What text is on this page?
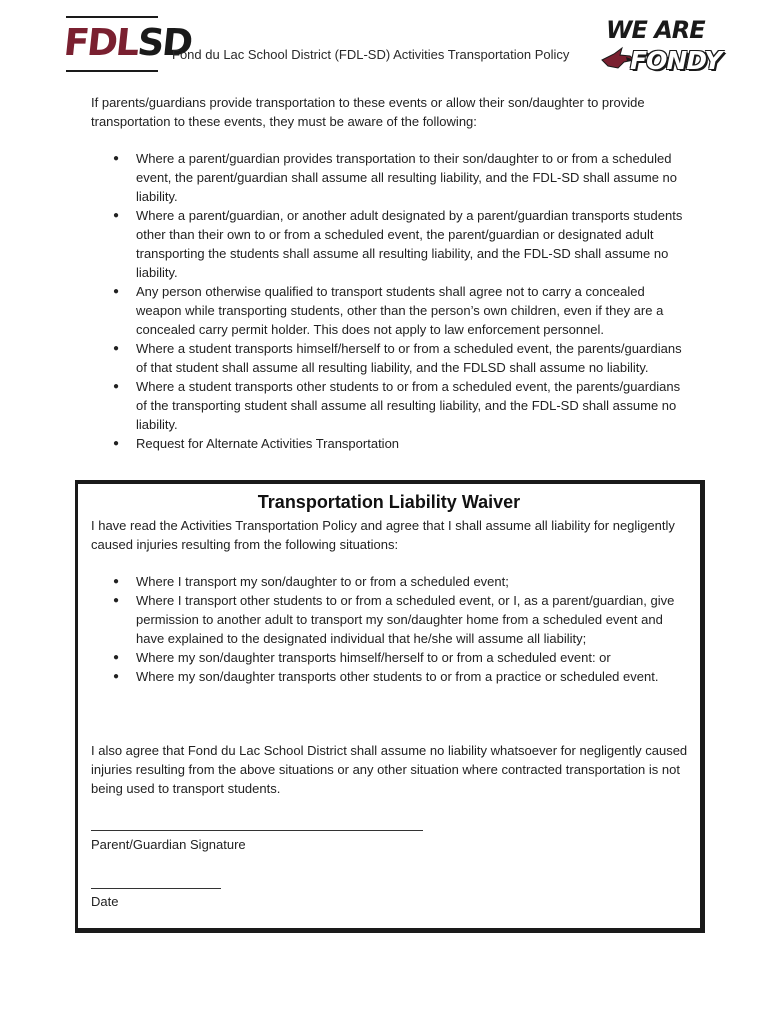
FDLSD
Fond du Lac School District (FDL-SD) Activities Transportation Policy
WE ARE
FONDY

If parents/guardians provide transportation to these events or allow their son/daughter to provide transportation to these events, they must be aware of the following:

● Where a parent/guardian provides transportation to their son/daughter to or from a scheduled event, the parent/guardian shall assume all resulting liability, and the FDL-SD shall assume no liability.
● Where a parent/guardian, or another adult designated by a parent/guardian transports students other than their own to or from a scheduled event, the parent/guardian or designated adult transporting the students shall assume all resulting liability, and the FDL-SD shall assume no liability.
● Any person otherwise qualified to transport students shall agree not to carry a concealed weapon while transporting students, other than the person’s own children, even if they are a concealed carry permit holder. This does not apply to law enforcement personnel.
● Where a student transports himself/herself to or from a scheduled event, the parents/guardians of that student shall assume all resulting liability, and the FDLSD shall assume no liability.
● Where a student transports other students to or from a scheduled event, the parents/guardians of the transporting student shall assume all resulting liability, and the FDL-SD shall assume no liability.
● Request for Alternate Activities Transportation
Transportation Liability Waiver

I have read the Activities Transportation Policy and agree that I shall assume all liability for negligently caused injuries resulting from the following situations:

● Where I transport my son/daughter to or from a scheduled event;
● Where I transport other students to or from a scheduled event, or I, as a parent/guardian, give permission to another adult to transport my son/daughter home from a scheduled event and have explained to the designated individual that he/she will assume all liability;
● Where my son/daughter transports himself/herself to or from a scheduled event: or
● Where my son/daughter transports other students to or from a practice or scheduled event.

I also agree that Fond du Lac School District shall assume no liability whatsoever for negligently caused injuries resulting from the above situations or any other situation where contracted transportation is not being used to transport students.

Parent/Guardian Signature
Date
